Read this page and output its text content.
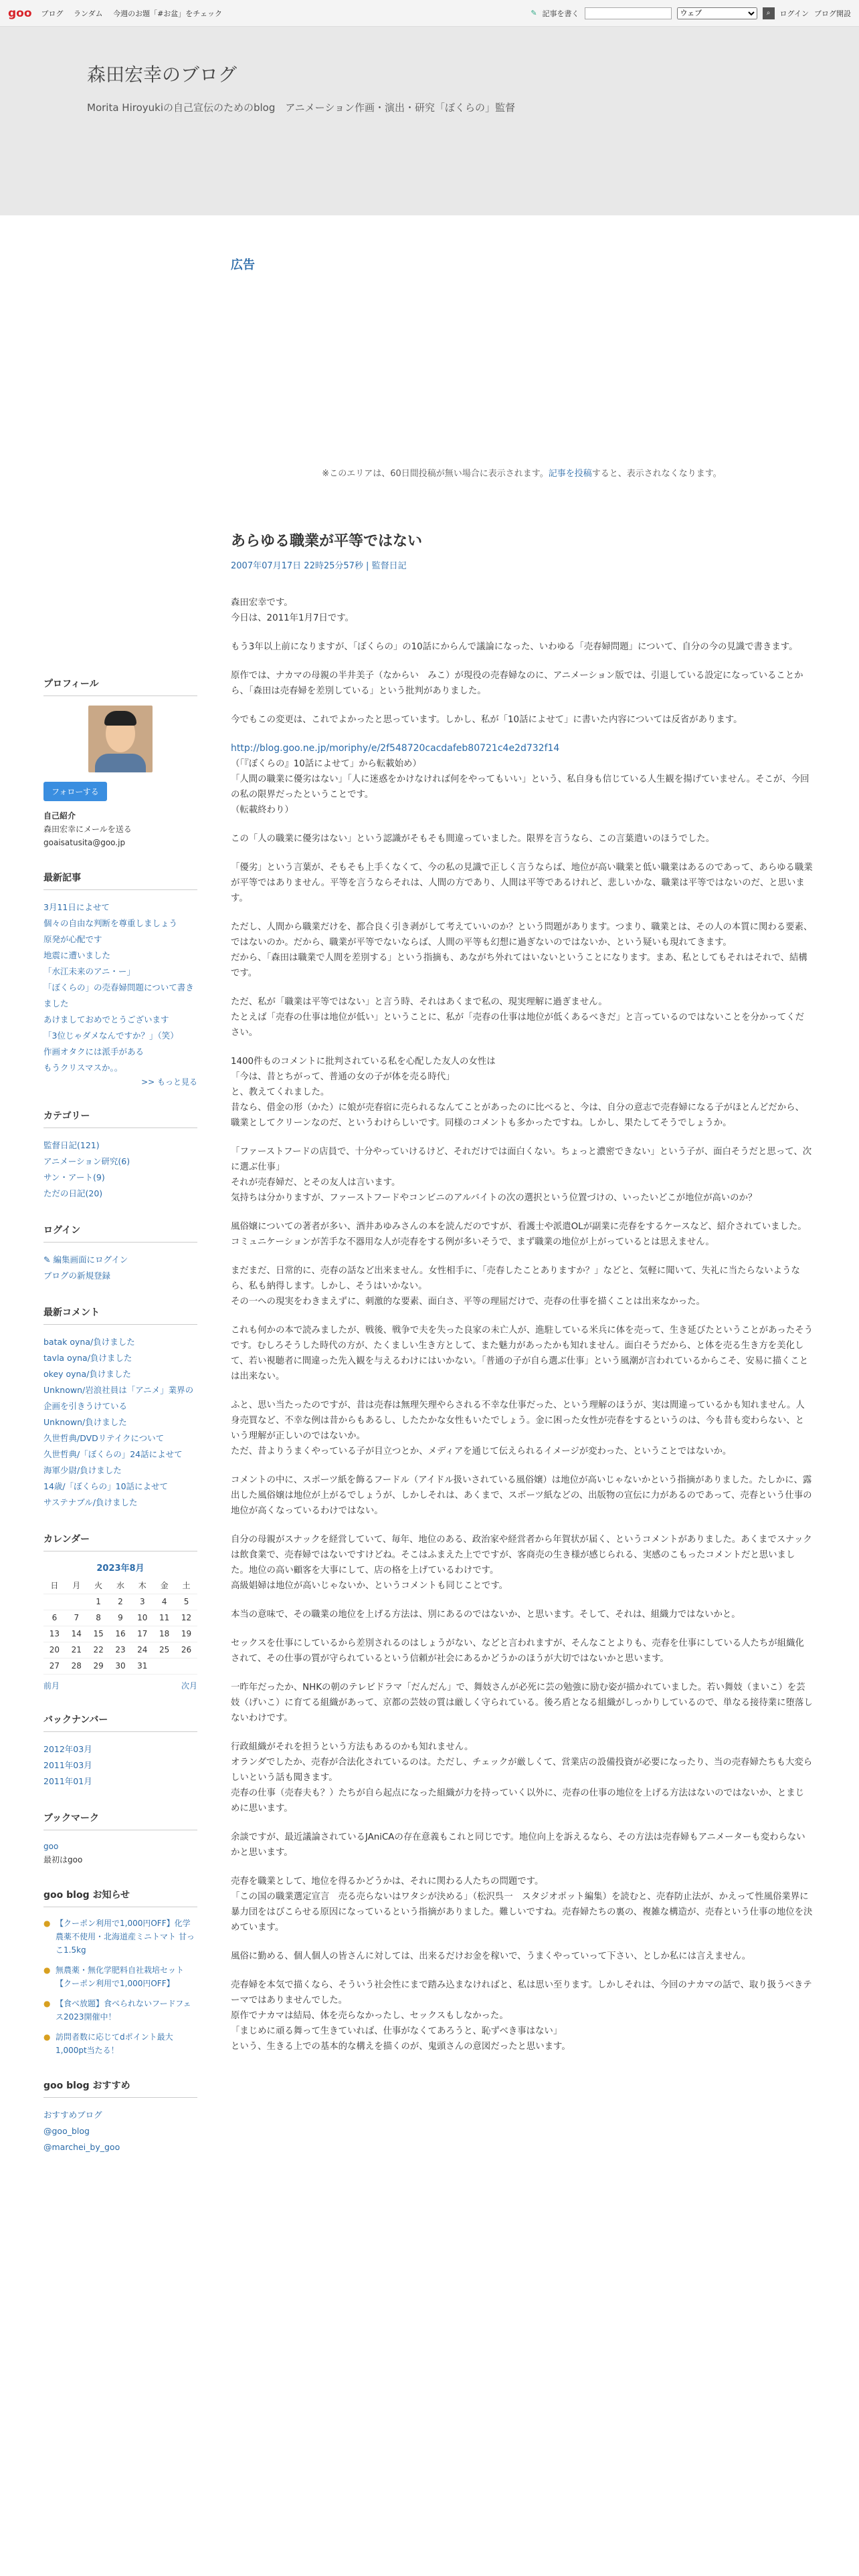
goo ブログ ランダム 今週のお題「#お盆」をチェック	✎ 記事を書く
ウェブ	⌕	ログイン ブログ開設
森田宏幸のブログ
Morita Hiroyukiの自己宣伝のためのblog　アニメーション作画・演出・研究「ぼくらの」監督
広告
※このエリアは、60日間投稿が無い場合に表示されます。記事を投稿すると、表示されなくなります。
あらゆる職業が平等ではない
2007年07月17日 22時25分57秒 | 監督日記

森田宏幸です。
今日は、2011年1月7日です。

もう3年以上前になりますが、「ぼくらの」の10話にからんで議論になった、いわゆる「売春婦問題」について、自分の今の見識で書きます。

原作では、ナカマの母親の半井美子（なからい　みこ）が現役の売春婦なのに、アニメーション版では、引退している設定になっていることから、「森田は売春婦を差別している」という批判がありました。

今でもこの変更は、これでよかったと思っています。しかし、私が「10話によせて」に書いた内容については反省があります。

http://blog.goo.ne.jp/moriphy/e/2f548720cacdafeb80721c4e2d732f14

（「『ぼくらの』10話によせて」から転載始め）
「人間の職業に優劣はない」「人に迷惑をかけなければ何をやってもいい」という、私自身も信じている人生観を揚げていません。そこが、今回の私の限界だったということです。
（転載終わり）

この「人の職業に優劣はない」という認識がそもそも間違っていました。限界を言うなら、この言葉遣いのほうでした。

「優劣」という言葉が、そもそも上手くなくて、今の私の見識で正しく言うならば、地位が高い職業と低い職業はあるのであって、あらゆる職業が平等ではありません。平等を言うならそれは、人間の方であり、人間は平等であるけれど、悲しいかな、職業は平等ではないのだ、と思います。

ただし、人間から職業だけを、都合良く引き剥がして考えていいのか？という問題があります。つまり、職業とは、その人の本質に関わる要素、ではないのか。だから、職業が平等でないならば、人間の平等も幻想に過ぎないのではないか、という疑いも現れてきます。
だから、「森田は職業で人間を差別する」という指摘も、あながち外れてはいないということになります。まあ、私としてもそれはそれで、結構です。

ただ、私が「職業は平等ではない」と言う時、それはあくまで私の、現実理解に過ぎません。
たとえば「売春の仕事は地位が低い」ということに、私が「売春の仕事は地位が低くあるべきだ」と言っているのではないことを分かってください。

1400件ものコメントに批判されている私を心配した友人の女性は
「今は、昔とちがって、普通の女の子が体を売る時代」
と、教えてくれました。
昔なら、借金の形（かた）に娘が売春宿に売られるなんてことがあったのに比べると、今は、自分の意志で売春婦になる子がほとんどだから、職業としてクリーンなのだ、というわけらしいです。同様のコメントも多かったですね。しかし、果たしてそうでしょうか。

「ファーストフードの店員で、十分やっていけるけど、それだけでは面白くない。ちょっと濃密できない」という子が、面白そうだと思って、次に選ぶ仕事」
それが売春婦だ、とその友人は言います。
気持ちは分かりますが、ファーストフードやコンビニのアルバイトの次の選択という位置づけの、いったいどこが地位が高いのか？

風俗嬢についての著者が多い、酒井あゆみさんの本を読んだのですが、看護士や派遣OLが副業に売春をするケースなど、紹介されていました。コミュニケーションが苦手な不器用な人が売春をする例が多いそうで、まず職業の地位が上がっているとは思えません。

まだまだ、日常的に、売春の話など出来ません。女性相手に、「売春したことありますか？」などと、気軽に聞いて、失礼に当たらないようなら、私も納得します。しかし、そうはいかない。
その一への現実をわきまえずに、刺激的な要素、面白さ、平等の理屈だけで、売春の仕事を描くことは出来なかった。

これも何かの本で読みましたが、戦後、戦争で夫を失った良家の未亡人が、進駐している米兵に体を売って、生き延びたということがあったそうです。むしろそうした時代の方が、たくましい生き方として、また魅力があったかも知れません。面白そうだから、と体を売る生き方を美化して、若い視聴者に間違った先入観を与えるわけにはいかない。「普通の子が自ら選ぶ仕事」という風潮が言われているからこそ、安易に描くことは出来ない。

ふと、思い当たったのですが、昔は売春は無理矢理やらされる不幸な仕事だった、という理解のほうが、実は間違っているかも知れません。人身売買など、不幸な例は昔からもあるし、したたかな女性もいたでしょう。金に困った女性が売春をするというのは、今も昔も変わらない、という理解が正しいのではないか。
ただ、昔よりうまくやっている子が目立つとか、メディアを通じて伝えられるイメージが変わった、ということではないか。

コメントの中に、スポーツ紙を飾るフードル（アイドル扱いされている風俗嬢）は地位が高いじゃないかという指摘がありました。たしかに、露出した風俗嬢は地位が上がるでしょうが、しかしそれは、あくまで、スポーツ紙などの、出版物の宣伝に力があるのであって、売春という仕事の地位が高くなっているわけではない。

自分の母親がスナックを経営していて、毎年、地位のある、政治家や経営者から年賀状が届く、というコメントがありました。あくまでスナックは飲食業で、売春婦ではないですけどね。そこはふまえた上でですが、客商売の生き様が感じられる、実感のこもったコメントだと思いました。地位の高い顧客を大事にして、店の格を上げているわけです。
高級娼婦は地位が高いじゃないか、というコメントも同じことです。

本当の意味で、その職業の地位を上げる方法は、別にあるのではないか、と思います。そして、それは、組織力ではないかと。

セックスを仕事にしているから差別されるのはしょうがない、などと言われますが、そんなことよりも、売春を仕事にしている人たちが組織化されて、その仕事の質が守られているという信頼が社会にあるかどうかのほうが大切ではないかと思います。

一昨年だったか、NHKの朝のテレビドラマ「だんだん」で、舞妓さんが必死に芸の勉強に励む姿が描かれていました。若い舞妓（まいこ）を芸妓（げいこ）に育てる組織があって、京都の芸妓の質は厳しく守られている。後ろ盾となる組織がしっかりしているので、単なる接待業に堕落しないわけです。

行政組織がそれを担うという方法もあるのかも知れません。
オランダでしたか、売春が合法化されているのは。ただし、チェックが厳しくて、営業店の設備投資が必要になったり、当の売春婦たちも大変らしいという話も聞きます。
売春の仕事（売春夫も？）たちが自ら起点になった組織が力を持っていく以外に、売春の仕事の地位を上げる方法はないのではないか、とまじめに思います。

余談ですが、最近議論されているJAniCAの存在意義もこれと同じです。地位向上を訴えるなら、その方法は売春婦もアニメーターも変わらないかと思います。

売春を職業として、地位を得るかどうかは、それに関わる人たちの問題です。
「この国の職業選定宣言　売る売らないはワタシが決める」（松沢呉一　スタジオポット編集）を読むと、売春防止法が、かえって性風俗業界に暴力団をはびこらせる原因になっているという指摘がありました。難しいですね。売春婦たちの裏の、複雑な構造が、売春という仕事の地位を決めています。

風俗に勤める、個人個人の皆さんに対しては、出来るだけお金を稼いで、うまくやっていって下さい、としか私には言えません。

売春婦を本気で描くなら、そういう社会性にまで踏み込まなければと、私は思い至ります。しかしそれは、今回のナカマの話で、取り扱うべきテーマではありませんでした。
原作でナカマは結局、体を売らなかったし、セックスもしなかった。
「まじめに頑る舞って生きていれば、仕事がなくてあろうと、恥ずべき事はない」
という、生きる上での基本的な構えを描くのが、鬼頭さんの意図だったと思います。

プロフィール
フォローする
自己紹介
森田宏幸にメールを送る
goaisatusita@goo.jp
最新記事
3月11日によせて
個々の自由な判断を尊重しましょう
原発が心配です
地震に遭いました
「水江未来のアニ・ー」
「ぼくらの」の売春婦問題について書きました
あけましておめでとうございます
「3位じゃダメなんですか？」（笑）
作画オタクには派手がある
もうクリスマスか。。
>> もっと見る
カテゴリー
監督日記(121)
アニメーション研究(6)
サン・アート(9)
ただの日記(20)
ログイン
✎ 編集画面にログイン
ブログの新規登録
最新コメント
batak oyna/負けました
tavla oyna/負けました
okey oyna/負けました
Unknown/岩浪社員は「アニメ」業界の企画を引きうけている
Unknown/負けました
久世哲典/DVDリテイクについて
久世哲典/「ぼくらの」24話によせて
海軍少尉/負けました
14歳/「ぼくらの」10話によせて
サステナブル/負けました
カレンダー
2023年8月
日	月	火	水	木	金	土
		1	2	3	4	5
6	7	8	9	10	11	12
13	14	15	16	17	18	19
20	21	22	23	24	25	26
27	28	29	30	31		
前月	次月
バックナンバー
2012年03月
2011年03月
2011年01月
ブックマーク
goo
最初はgoo
goo blog お知らせ
● 【クーポン利用で1,000円OFF】化学農薬不使用・北海道産ミニトマト 甘っこ1.5kg
● 無農薬・無化学肥料自社栽培セット【クーポン利用で1,000円OFF】
● 【食べ放題】食べられないフードフェス2023開催中！
● 訪問者数に応じてdポイント最大1,000pt当たる！
goo blog おすすめ
おすすめブログ
@goo_blog
@marchei_by_goo
